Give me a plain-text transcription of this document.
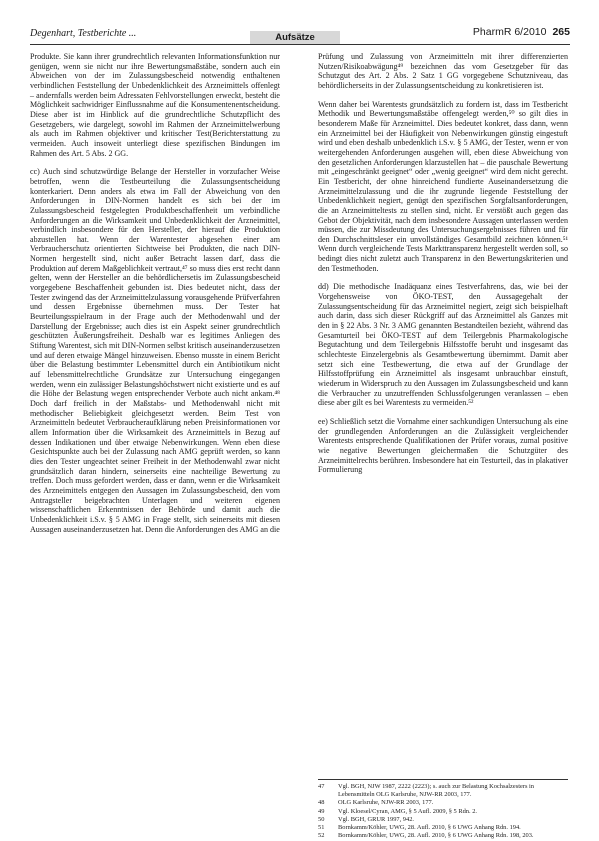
Degenhart, Testberichte ...	Aufsätze	PharmR 6/2010 265

Produkte. Sie kann ihrer grundrechtlich relevanten Informationsfunktion nur genügen, wenn sie nicht nur ihre Bewertungsmaßstäbe, sondern auch ein Abweichen von der im Zulassungsbescheid notwendig enthaltenen verbindlichen Feststellung der Unbedenklichkeit des Arzneimittels offenlegt – andernfalls werden beim Adressaten Fehlvorstellungen erweckt, besteht die Möglichkeit sachwidriger Einflussnahme auf die Konsumentenentscheidung. Diese aber ist im Hinblick auf die grundrechtliche Schutzpflicht des Gesetzgebers, wie dargelegt, sowohl im Rahmen der Arzneimittelwerbung als auch im Rahmen objektiver und kritischer Test(Berichterstattung zu vermeiden. Auch insoweit unterliegt diese spezifischen Bindungen im Rahmen des Art. 5 Abs. 2 GG.

cc) Auch sind schutzwürdige Belange der Hersteller in vorzufacher Weise betroffen, wenn die Testbeurteilung die Zulassungsentscheidung konterkariert. Denn anders als etwa im Fall der Abweichung von den Anforderungen in DIN-Normen handelt es sich bei der im Zulassungsbescheid festgelegten Produktbeschaffenheit um verbindliche Anforderungen an die Wirksamkeit und Unbedenklichkeit der Arzneimittel, verbindlich insbesondere für den Hersteller, der hierauf die Produktion abzustellen hat. Wenn der Warentester abgesehen einer am Verbraucherschutz orientierten Sichtweise bei Produkten, die nach DIN-Normen hergestellt sind, nicht außer Betracht lassen darf, dass die Produktion auf derem Maßgeblichkeit vertraut,⁴⁷ so muss dies erst recht dann gelten, wenn der Hersteller an die behördlichersetis im Zulassungsbescheid vorgegebene Beschaffenheit gebunden ist. Dies bedeutet nicht, dass der Tester zwingend das der Arzneimittelzulassung vorausgehende Prüfverfahren und dessen Ergebnisse übernehmen muss. Der Tester hat Beurteilungsspielraum in der Frage auch der Methodenwahl und der Darstellung der Ergebnisse; auch dies ist ein Aspekt seiner grundrechtlich geschützten Äußerungsfreiheit. Deshalb war es legitimes Anliegen des Stiftung Warentest, sich mit DIN-Normen selbst kritisch auseinanderzusetzen und auf deren etwaige Mängel hinzuweisen. Ebenso musste in einem Bericht über die Belastung bestimmter Lebensmittel durch ein Antibiotikum nicht auf lebensmittelrechtliche Grundsätze zur Untersuchung eingegangen werden, wenn ein zulässiger Belastungshöchstwert nicht existierte und es auf die Höhe der Belastung wegen entsprechender Verbote auch nicht ankam.⁴⁸ Doch darf freilich in der Maßstabs- und Methodenwahl nicht mit methodischer Beliebigkeit gleichgesetzt werden. Beim Test von Arzneimitteln bedeutet Verbraucheraufklärung neben Preisinformationen vor allem Information über die Wirksamkeit des Arzneimittels in Bezug auf dessen Indikationen und über etwaige Nebenwirkungen. Wenn eben diese Gesichtspunkte auch bei der Zulassung nach AMG geprüft werden, so kann dies den Tester ungeachtet seiner Freiheit in der Methodenwahl zwar nicht grundsätzlich daran hindern, seinerseits eine nachteilige Bewertung zu treffen. Doch muss gefordert werden, dass er dann, wenn er die Wirksamkeit des Arzneimittels entgegen den Aussagen im Zulassungsbescheid, den vom Antragsteller beigebrachten Unterlagen und weiteren eigenen wissenschaftlichen Erkenntnissen der Behörde und damit auch die Unbedenklichkeit i.S.v. § 5 AMG in Frage stellt, sich seinerseits mit diesen Aussagen auseinanderzusetzen hat. Denn die Anforderungen des AMG an die

Prüfung und Zulassung von Arzneimitteln mit ihrer differenzierten Nutzen/Risikoabwägung⁴⁹ bezeichnen das vom Gesetzgeber für das Schutzgut des Art. 2 Abs. 2 Satz 1 GG vorgegebene Schutzniveau, das behördlicherseits in der Zulassungsentscheidung zu konkretisieren ist.

Wenn daher bei Warentests grundsätzlich zu fordern ist, dass im Testbericht Methodik und Bewertungsmaßstäbe offengelegt werden,⁵⁰ so gilt dies in besonderem Maße für Arzneimittel. Dies bedeutet konkret, dass dann, wenn ein Arzneimittel bei der Häufigkeit von Nebenwirkungen günstig eingestuft wird und eben deshalb unbedenklich i.S.v. § 5 AMG, der Tester, wenn er von weitergehenden Anforderungen ausgehen will, eben diese Abweichung von den gesetzlichen Anforderungen klarzustellen hat – die pauschale Bewertung mit „eingeschränkt geeignet“ oder „wenig geeignet“ wird dem nicht gerecht. Ein Testbericht, der ohne hinreichend fundierte Auseinandersetzung die Arzneimittelzulassung und die ihr zugrunde liegende Feststellung der Unbedenklichkeit negiert, genügt den spezifischen Sorgfaltsanforderungen, die an Arzneimitteltests zu stellen sind, nicht. Er verstößt auch gegen das Gebot der Objektivität, nach dem insbesondere Aussagen unterlassen werden müssen, die zur Missdeutung des Untersuchungsergebnisses führen und für den Durchschnittsleser ein unvollständiges Gesamtbild zeichnen können.⁵¹ Wenn durch vergleichende Tests Markttransparenz hergestellt werden soll, so bedingt dies nicht zuletzt auch Transparenz in den Bewertungskriterien und den Testmethoden.

dd) Die methodische Inadäquanz eines Testverfahrens, das, wie bei der Vorgehensweise von ÖKO-TEST, den Aussagegehalt der Zulassungsentscheidung für das Arzneimittel negiert, zeigt sich beispielhaft auch darin, dass sich dieser Rückgriff auf das Arzneimittel als Ganzes mit den in § 22 Abs. 3 Nr. 3 AMG genannten Bestandteilen bezieht, während das Gesamturteil bei ÖKO-TEST auf dem Teilergebnis Pharmakologische Begutachtung und dem Teilergebnis Hilfsstoffe beruht und insgesamt das schlechteste Einzelergebnis als Gesamtbewertung übernimmt. Damit aber setzt sich eine Testbewertung, die etwa auf der Grundlage der Hilfsstoffprüfung ein Arzneimittel als insgesamt unbrauchbar einstuft, wiederum in Widerspruch zu den Aussagen im Zulassungsbescheid und kann die Verbraucher zu unzutreffenden Schlussfolgerungen veranlassen – eben diese aber gilt es bei Warentests zu vermeiden.⁵²

ee) Schließlich setzt die Vornahme einer sachkundigen Untersuchung als eine der grundlegenden Anforderungen an die Zulässigkeit vergleichender Warentests entsprechende Qualifikationen der Prüfer voraus, zumal positive wie negative Bewertungen gleichermaßen die Schutzgüter des Arzneimittelrechts berühren. Insbesondere hat ein Testurteil, das in plakativer Formulierung

47 Vgl. BGH, NJW 1987, 2222 (2223); s. auch zur Belastung Kochsalzesters in Lebensmitteln OLG Karlsruhe, NJW-RR 2003, 177.
48 OLG Karlsruhe, NJW-RR 2003, 177.
49 Vgl. Kloesel/Cyran, AMG, § 5 Aufl. 2009, § 5 Rdn. 2.
50 Vgl. BGH, GRUR 1997, 942.
51 Bornkamm/Köhler, UWG, 28. Aufl. 2010, § 6 UWG Anhang Rdn. 194.
52 Bornkamm/Köhler, UWG, 28. Aufl. 2010, § 6 UWG Anhang Rdn. 198, 203.
